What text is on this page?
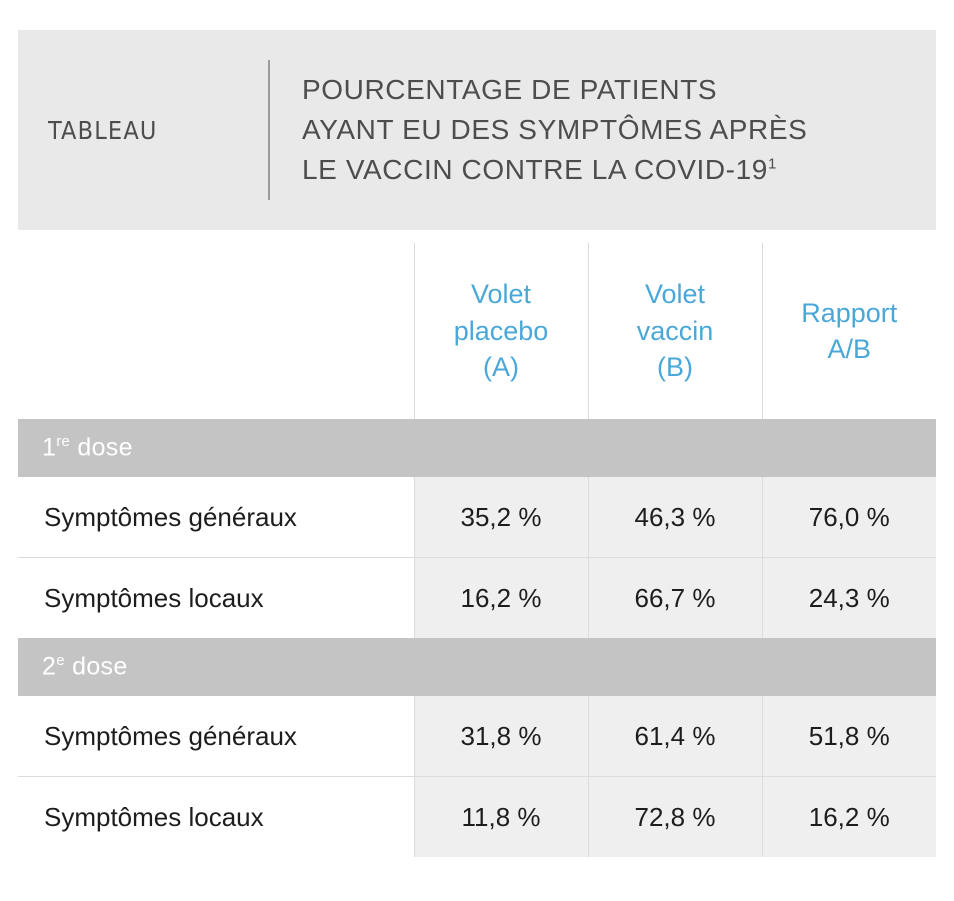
TABLEAU
POURCENTAGE DE PATIENTS
AYANT EU DES SYMPTÔMES APRÈS
LE VACCIN CONTRE LA COVID-$19^1$

Volet
placebo
(A)

Volet
vaccin
(B)

Rapport
A/B

1re dose			
Symptômes généraux	35,2 %	46,3 %	76,0 %
Symptômes locaux	16,2 %	66,7 %	24,3 %
2e dose			
Symptômes généraux	31,8 %	61,4 %	51,8 %
Symptômes locaux	11,8 %	72,8 %	16,2 %
